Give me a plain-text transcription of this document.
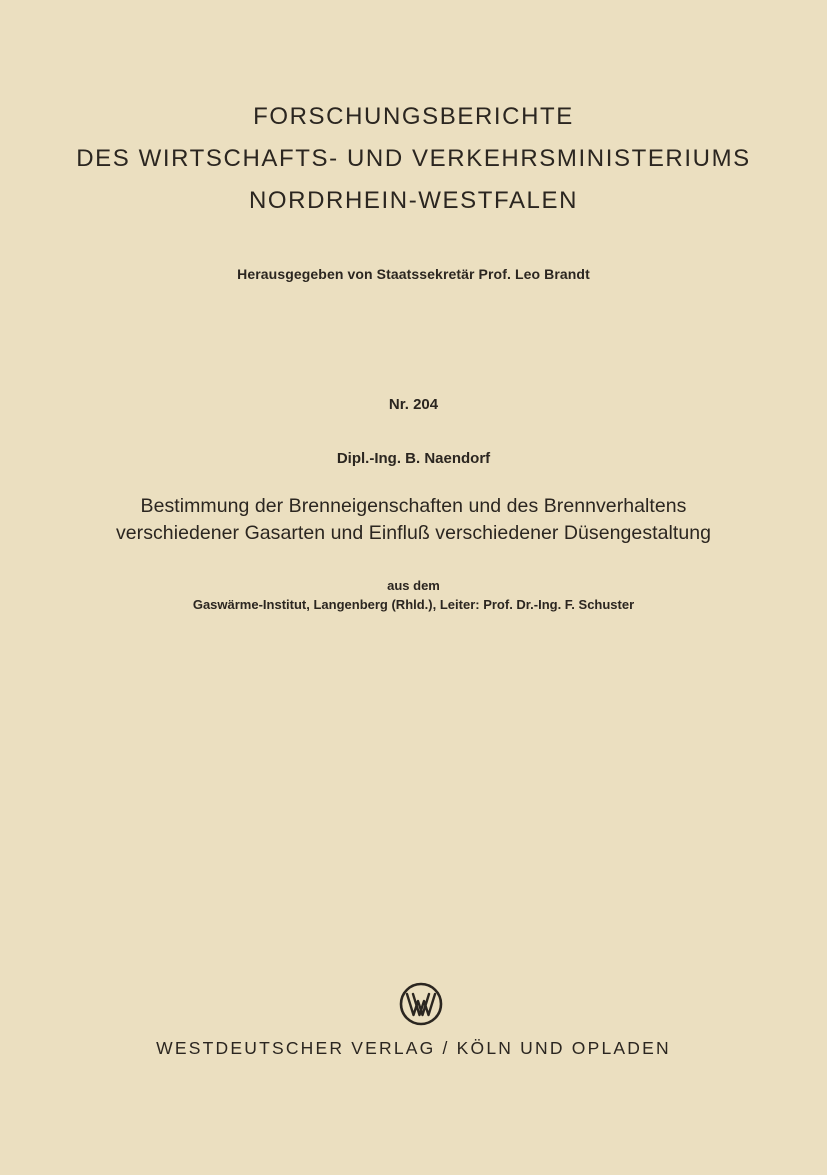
FORSCHUNGSBERICHTE
DES WIRTSCHAFTS- UND VERKEHRSMINISTERIUMS
NORDRHEIN-WESTFALEN
Herausgegeben von Staatssekretär Prof. Leo Brandt
Nr. 204
Dipl.-Ing. B. Naendorf
Bestimmung der Brenneigenschaften und des Brennverhaltens
verschiedener Gasarten und Einfluß verschiedener Düsengestaltung
aus dem
Gaswärme-Institut, Langenberg (Rhld.), Leiter: Prof. Dr.-Ing. F. Schuster
WESTDEUTSCHER VERLAG / KÖLN UND OPLADEN
